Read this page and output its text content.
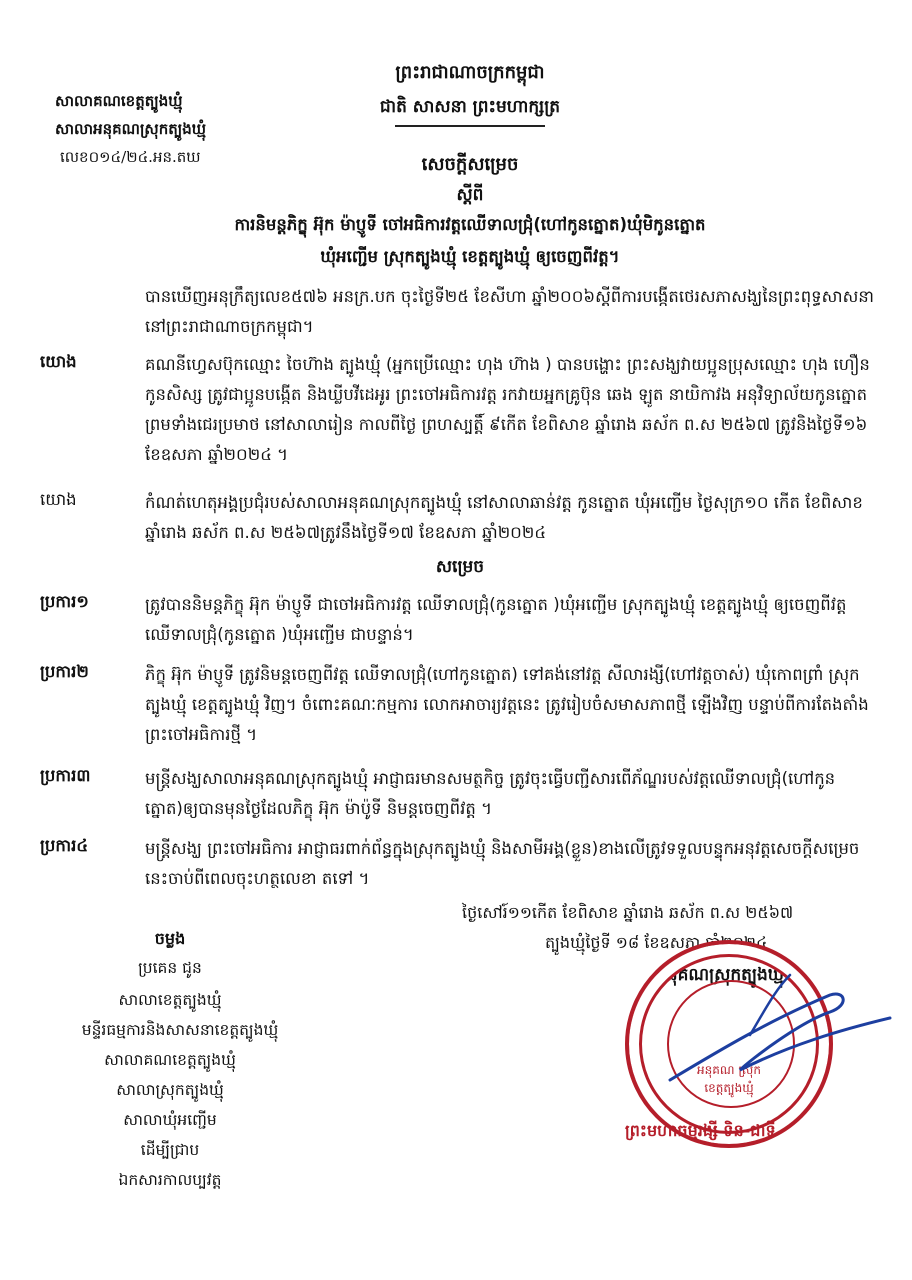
ព្រះរាជាណាចក្រកម្ពុជា
ជាតិ សាសនា ព្រះមហាក្សត្រ
សាលាគណខេត្តត្បូងឃ្មុំ
សាលាអនុគណស្រុកត្បូងឃ្មុំ
លេខ០១៤/២៤.អន.តឃ	សេចក្តីសម្រេច
ស្តីពី
ការនិមន្តភិក្ខុ អ៊ុក ម៉ាប្ញូទី ចៅអធិការវត្តឈើទាលជ្រុំ(ហៅកូនត្នោត)ឃុំមិកូនត្នោត
ឃុំអញ្ជើម ស្រុកត្បូងឃ្មុំ ខេត្តត្បូងឃ្មុំ ឲ្យចេញពីវត្ត។
បានឃើញអនុក្រឹត្យលេខ៥៧៦ អនក្រ.បក ចុះថ្ងៃទី២៥ ខែសីហា ឆ្នាំ២០០៦ស្តីពីការបង្កើតថេរសភាសង្ឃនៃព្រះពុទ្ធសាសនា នៅព្រះរាជាណាចក្រកម្ពុជា។
យោង	គណនីហ្វេសប៊ុកឈ្មោះ ចៃហ៊ាង ត្បូងឃ្មុំ (អ្នកប្រើឈ្មោះ ហុង ហ៊ាង ) បានបង្ហោះ ព្រះសង្ឃវាយប្អូនប្រុសឈ្មោះ ហុង ហឿន កូនសិស្ស ត្រូវជាប្អូនបង្កើត និងឃ្លីបវីដេអូរ ព្រះចៅអធិការវត្ត រកវាយអ្នកគ្រូប៊ុន ឆេង ឡូត នាយិកាវង អនុវិទ្យាល័យកូនត្នោត ព្រមទាំងជេរប្រមាថ នៅសាលារៀន កាលពីថ្ងៃ ព្រហស្បត្តិ៍ ៩កើត ខែពិសាខ ឆ្នាំរោង ឆស័ក ព.ស ២៥៦៧ ត្រូវនិងថ្ងៃទី១៦ ខែឧសភា ឆ្នាំ២០២៤ ។
យោង	កំណត់ហេតុអង្គប្រជុំរបស់សាលាអនុគណស្រុកត្បូងឃ្មុំ នៅសាលាឆាន់វត្ត កូនត្នោត ឃុំអញ្ជើម ថ្ងៃសុក្រ១០ កើត ខែពិសាខ ឆ្នាំរោង ឆស័ក ព.ស ២៥៦៧ត្រូវនឹងថ្ងៃទី១៧ ខែឧសភា ឆ្នាំ២០២៤
សម្រេច
ប្រការ១	ត្រូវបាននិមន្តភិក្ខុ អ៊ុក ម៉ាប្ញូទី ជាចៅអធិការវត្ត ឈើទាលជ្រុំ(កូនត្នោត )ឃុំអញ្ជើម ស្រុកត្បូងឃ្មុំ ខេត្តត្បូងឃ្មុំ ឲ្យចេញពីវត្តឈើទាលជ្រុំ(កូនត្នោត )ឃុំអញ្ជើម ជាបន្ទាន់។
ប្រការ២	ភិក្ខុ អ៊ុក ម៉ាប្ញូទី ត្រូវនិមន្តចេញពីវត្ត ឈើទាលជ្រុំ(ហៅកូនត្នោត) ទៅគង់នៅវត្ត សីលារង្សី(ហៅវត្តចាស់) ឃុំកោពព្រាំ ស្រុកត្បូងឃ្មុំ ខេត្តត្បូងឃ្មុំ វិញ។ ចំពោះគណៈកម្មការ លោកអាចារ្យវត្តនេះ ត្រូវរៀបចំសមាសភាពថ្មី ឡើងវិញ បន្ទាប់ពីការតែងតាំងព្រះចៅអធិការថ្មី ។
ប្រការ៣	មន្ត្រីសង្ឃសាលាអនុគណស្រុកត្បូងឃ្មុំ អាជ្ញាធរមានសមត្ថកិច្ច ត្រូវចុះធ្វើបញ្ជីសារពើភ័ណ្ឌរបស់វត្តឈើទាលជ្រុំ(ហៅកូនត្នោត)ឲ្យបានមុនថ្ងៃដែលភិក្ខុ អ៊ុក ម៉ាប៉ូទី និមន្តចេញពីវត្ត ។
ប្រការ៤	មន្ត្រីសង្ឃ ព្រះចៅអធិការ អាជ្ញាធរពាក់ព័ន្ធក្នុងស្រុកត្បូងឃ្មុំ និងសាមីអង្គ(ខ្លួន)ខាងលើត្រូវទទួលបន្ទុកអនុវត្តសេចក្តីសម្រេចនេះចាប់ពីពេលចុះហត្ថលេខា តទៅ ។
ថ្ងៃសៅរ៍១១កើត ខែពិសាខ ឆ្នាំរោង ឆស័ក ព.ស ២៥៦៧
ត្បូងឃ្មុំថ្ងៃទី ១៨ ខែឧសភា ឆ្នាំ២០២៤
អនុគណស្រុកត្បូងឃ្មុំ
អនុគណ ស្រុក
ខេត្តត្បូងឃ្មុំ
ព្រះមហាធម្មរង្សី ទិន-ជាទី
ចម្លង
ប្រគេន ជូន
សាលាខេត្តត្បូងឃ្មុំ
មន្ទីរធម្មការនិងសាសនាខេត្តត្បូងឃ្មុំ
សាលាគណខេត្តត្បូងឃ្មុំ
សាលាស្រុកត្បូងឃ្មុំ
សាលាឃុំអញ្ជើម
ដើម្បីជ្រាប
ឯកសារកាលប្បវត្ត
